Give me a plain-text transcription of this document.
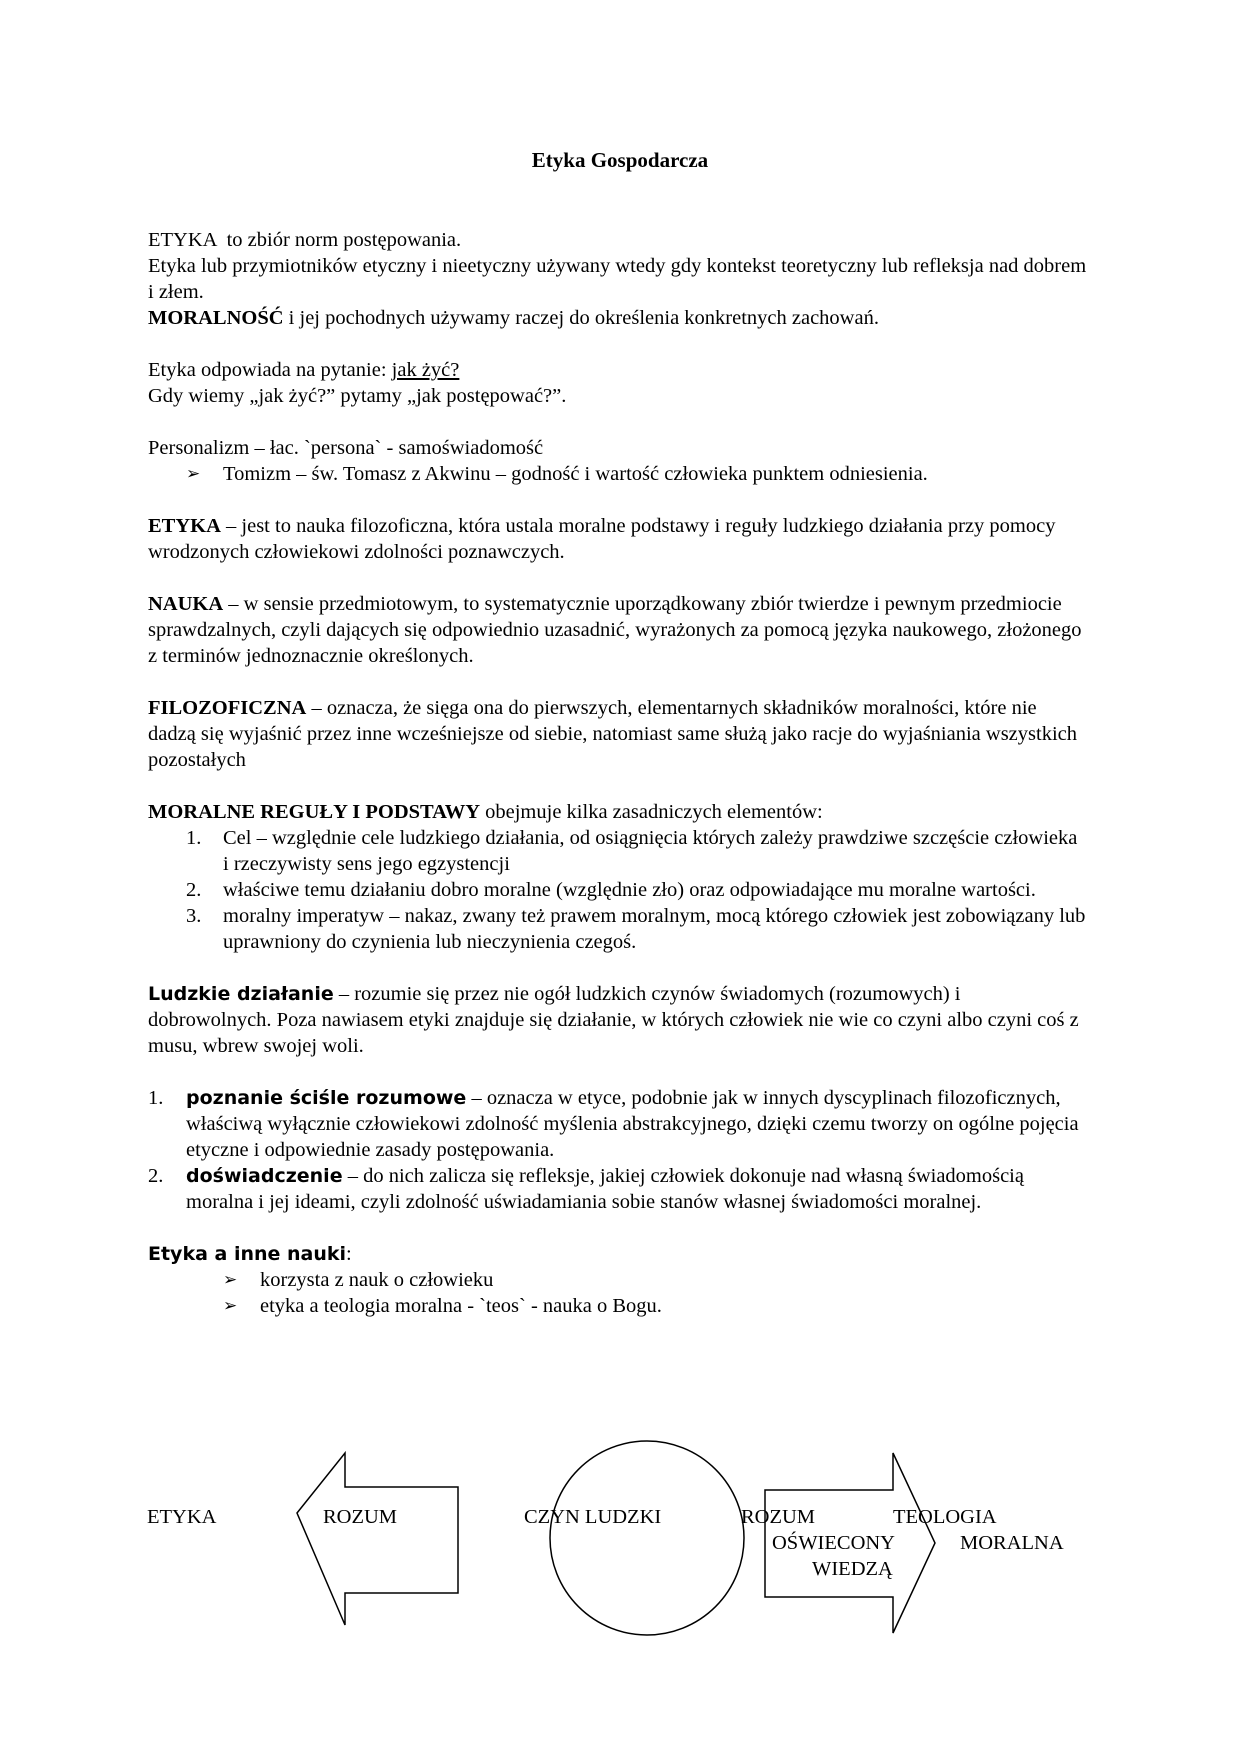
Etyka Gospodarcza

ETYKA  to zbiór norm postępowania.

Etyka lub przymiotników etyczny i nieetyczny używany wtedy gdy kontekst teoretyczny lub refleksja nad dobrem i złem.

MORALNOŚĆ i jej pochodnych używamy raczej do określenia konkretnych zachowań.

Etyka odpowiada na pytanie: jak żyć?

Gdy wiemy „jak żyć?” pytamy „jak postępować?”.

Personalizm – łac. `persona` - samoświadomość

➢ Tomizm – św. Tomasz z Akwinu – godność i wartość człowieka punktem odniesienia.

ETYKA – jest to nauka filozoficzna, która ustala moralne podstawy i reguły ludzkiego działania przy pomocy wrodzonych człowiekowi zdolności poznawczych.

NAUKA – w sensie przedmiotowym, to systematycznie uporządkowany zbiór twierdze i pewnym przedmiocie sprawdzalnych, czyli dających się odpowiednio uzasadnić, wyrażonych za pomocą języka naukowego, złożonego z terminów jednoznacznie określonych.

FILOZOFICZNA – oznacza, że sięga ona do pierwszych, elementarnych składników moralności, które nie dadzą się wyjaśnić przez inne wcześniejsze od siebie, natomiast same służą jako racje do wyjaśniania wszystkich pozostałych

MORALNE REGUŁY I PODSTAWY obejmuje kilka zasadniczych elementów:

1. Cel – względnie cele ludzkiego działania, od osiągnięcia których zależy prawdziwe szczęście człowieka i rzeczywisty sens jego egzystencji
2. właściwe temu działaniu dobro moralne (względnie zło) oraz odpowiadające mu moralne wartości.
3. moralny imperatyw – nakaz, zwany też prawem moralnym, mocą którego człowiek jest zobowiązany lub uprawniony do czynienia lub nieczynienia czegoś.

Ludzkie działanie – rozumie się przez nie ogół ludzkich czynów świadomych (rozumowych) i dobrowolnych. Poza nawiasem etyki znajduje się działanie, w których człowiek nie wie co czyni albo czyni coś z musu, wbrew swojej woli.

1. poznanie ściśle rozumowe – oznacza w etyce, podobnie jak w innych dyscyplinach filozoficznych, właściwą wyłącznie człowiekowi zdolność myślenia abstrakcyjnego, dzięki czemu tworzy on ogólne pojęcia etyczne i odpowiednie zasady postępowania.
2. doświadczenie – do nich zalicza się refleksje, jakiej człowiek dokonuje nad własną świadomością moralna i jej ideami, czyli zdolność uświadamiania sobie stanów własnej świadomości moralnej.

Etyka a inne nauki:

➢ korzysta z nauk o człowieku
➢ etyka a teologia moralna - `teos` - nauka o Bogu.
ETYKA	ROZUM	CZYN LUDZKI	ROZUM
OŚWIECONY
WIEDZĄ
TEOLOGIA
MORALNA
